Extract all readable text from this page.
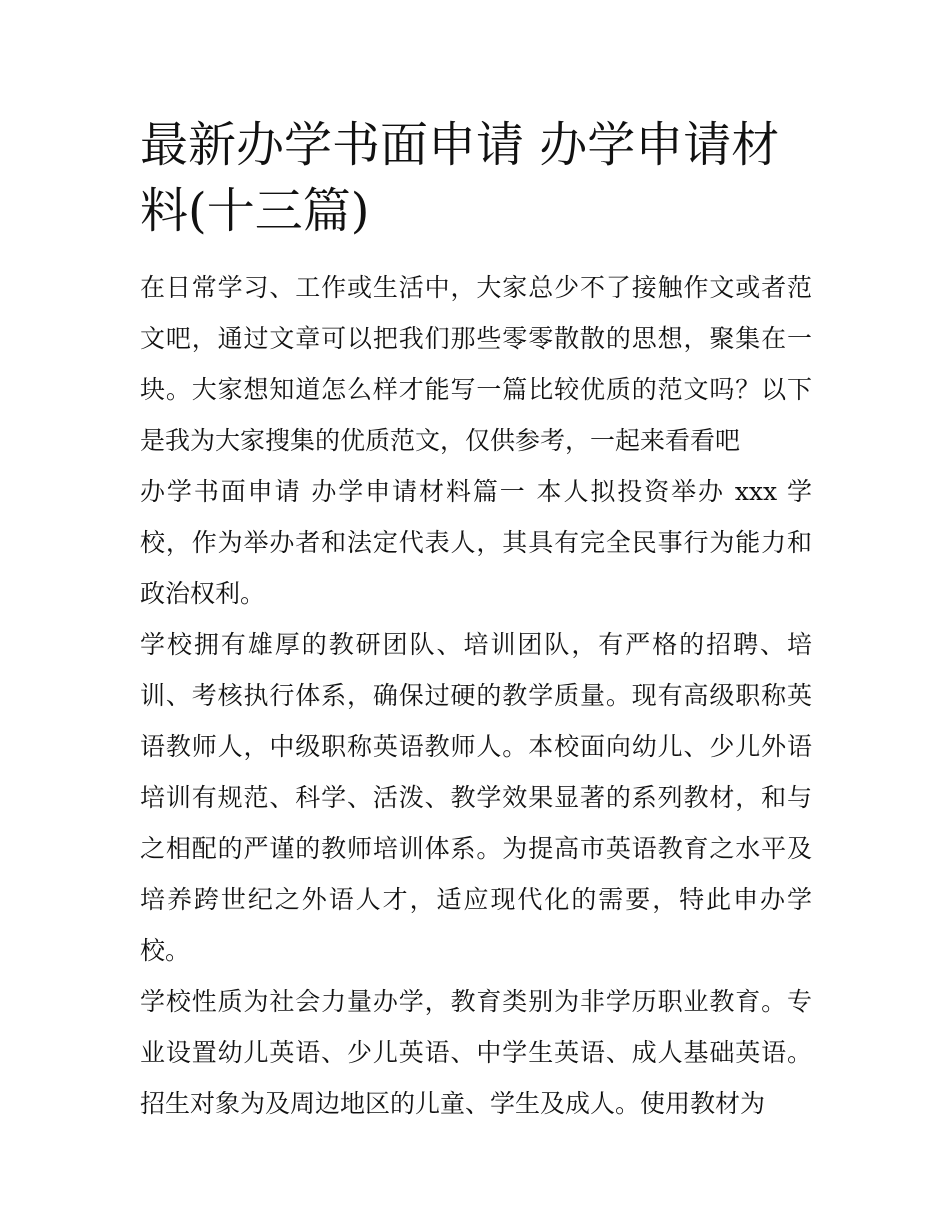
最新办学书面申请 办学申请材料(十三篇)

在日常学习、工作或生活中，大家总少不了接触作文或者范文吧，通过文章可以把我们那些零零散散的思想，聚集在一块。大家想知道怎么样才能写一篇比较优质的范文吗？以下是我为大家搜集的优质范文，仅供参考，一起来看看吧

办学书面申请 办学申请材料篇一 本人拟投资举办 xxx 学校，作为举办者和法定代表人，其具有完全民事行为能力和政治权利。

学校拥有雄厚的教研团队、培训团队，有严格的招聘、培训、考核执行体系，确保过硬的教学质量。现有高级职称英语教师人，中级职称英语教师人。本校面向幼儿、少儿外语培训有规范、科学、活泼、教学效果显著的系列教材，和与之相配的严谨的教师培训体系。为提高市英语教育之水平及培养跨世纪之外语人才，适应现代化的需要，特此申办学校。

学校性质为社会力量办学，教育类别为非学历职业教育。专业设置幼儿英语、少儿英语、中学生英语、成人基础英语。招生对象为及周边地区的儿童、学生及成人。使用教材为
